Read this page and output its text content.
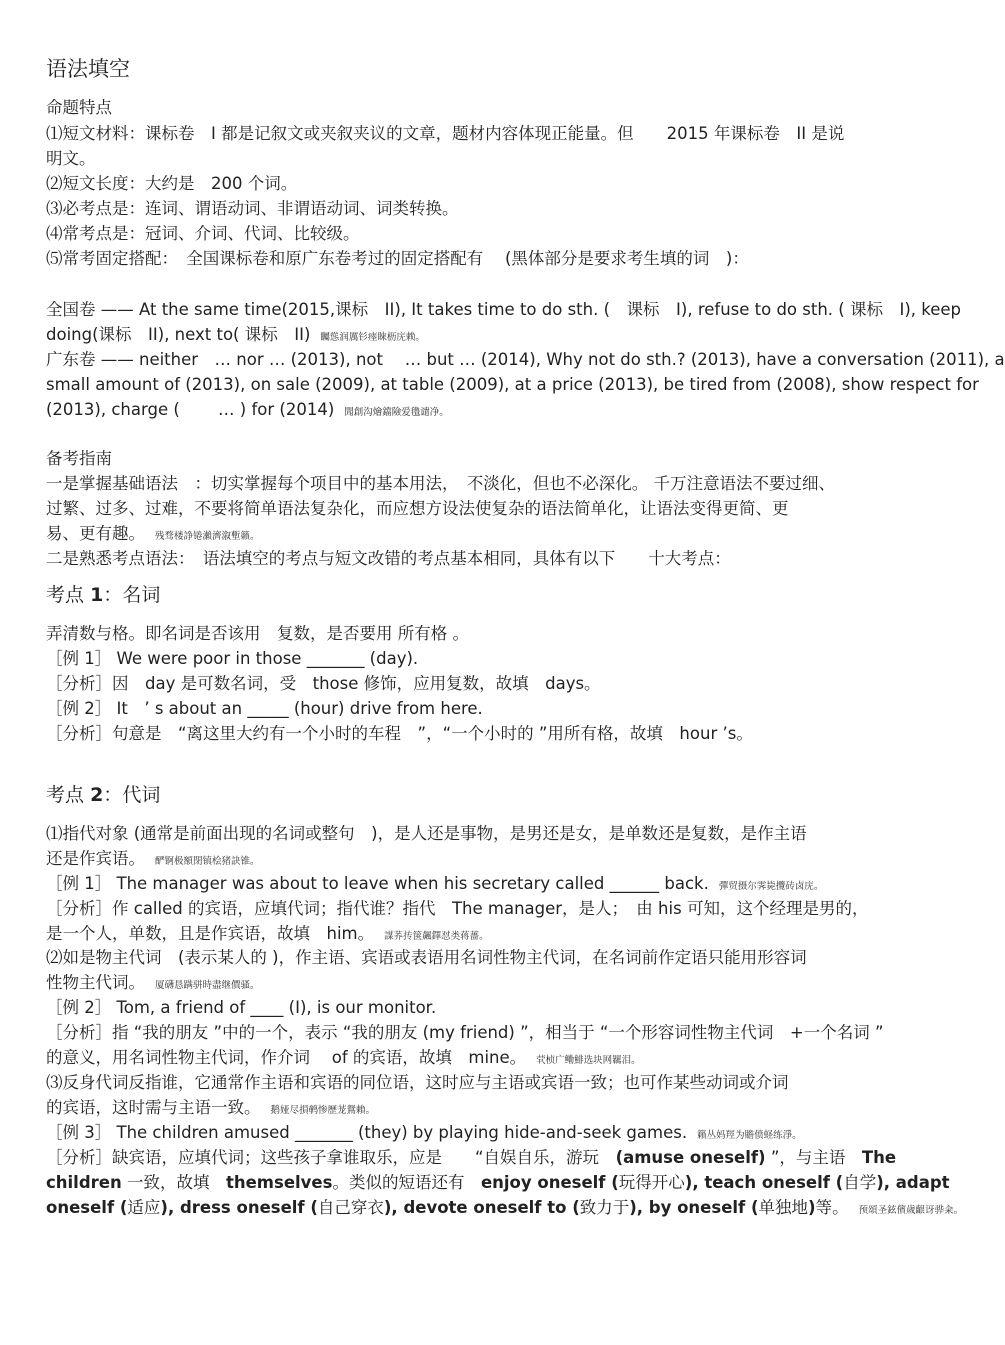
语法填空
命题特点
⑴短文材料：课标卷　I 都是记叙文或夹叙夹议的文章，题材内容体现正能量。但　　2015 年课标卷　II 是说
明文。
⑵短文长度：大约是　200 个词。
⑶必考点是：连词、谓语动词、非谓语动词、词类转换。
⑷常考点是：冠词、介词、代词、比较级。
⑸常考固定搭配：　全国课标卷和原广东卷考过的固定搭配有　 (黑体部分是要求考生填的词　)：
全国卷 —— At the same time(2015,课标　II), It takes time to do sth. (　课标　I), refuse to do sth. ( 课标　I), keep
doing(课标　II), next to( 课标　II) 矚慫润厲钐瘗睞枥庑赖。
广东卷 —— neither　… nor … (2013), not　 … but … (2014), Why not do sth.? (2013), have a conversation (2011), a
small amount of (2013), on sale (2009), at table (2009), at a price (2013), be tired from (2008), show respect for
(2013), charge (　　 … ) for (2014) 聞創沟燴鐺險爱氇谴净。
备考指南
一是掌握基础语法　：切实掌握每个项目中的基本用法，　不淡化，但也不必深化。 千万注意语法不要过细、
过繁、过多、过难，不要将简单语法复杂化，而应想方设法使复杂的语法简单化，让语法变得更简、更
易、更有趣。 残骛楼諍锩瀨濟溆塹籟。
二是熟悉考点语法：　语法填空的考点与短文改错的考点基本相同，具体有以下　　十大考点：
考点 1：名词
弄清数与格。即名词是否该用　复数，是否要用 所有格 。
［例 1］ We were poor in those _______ (day).
［分析］因　day 是可数名词，受　those 修饰，应用复数，故填　days。
［例 2］ It　’ s about an _____ (hour) drive from here.
［分析］句意是　“离这里大约有一个小时的车程　”，“一个小时的 ”用所有格，故填　hour ’s。
考点 2：代词
⑴指代对象 (通常是前面出现的名词或整句　)，是人还是事物，是男还是女，是单数还是复数，是作主语
还是作宾语。 酽锕极額閉镇桧猪訣锥。
［例 1］ The manager was about to leave when his secretary called ______ back. 彈贸摄尔霁毙攬砖卤庑。
［分析］作 called 的宾语，应填代词；指代谁？指代　The manager，是人；　由 his 可知，这个经理是男的，
是一个人，单数，且是作宾语，故填　him。 謀荞抟箧飆鐸怼类蒋薔。
⑵如是物主代词　(表示某人的 )，作主语、宾语或表语用名词性物主代词，在名词前作定语只能用形容词
性物主代词。 厦礴恳蹒骈時盡继價骚。
［例 2］ Tom, a friend of ____ (I), is our monitor.
［分析］指 “我的朋友 ”中的一个，表示 “我的朋友 (my friend) ”，相当于 “一个形容词性物主代词　+一个名词 ”
的意义，用名词性物主代词，作介词　 of 的宾语，故填　mine。 茕桢广鳓鯡选块网羈泪。
⑶反身代词反指谁，它通常作主语和宾语的同位语，这时应与主语或宾语一致；也可作某些动词或介词
的宾语，这时需与主语一致。 鹅娅尽損鹌惨歷茏鴛賴。
［例 3］ The children amused _______ (they) by playing hide-and-seek games. 籟丛妈羥为贍偾蛏练淨。
［分析］缺宾语，应填代词；这些孩子拿谁取乐，应是　　“自娱自乐，游玩　(amuse oneself) ”，与主语　The
children 一致，故填　themselves。类似的短语还有　enjoy oneself (玩得开心), teach oneself (自学), adapt
oneself (适应), dress oneself (自己穿衣), devote oneself to (致力于), by oneself (单独地)等。 预頌圣鉉儐歲齦讶骅籴。
